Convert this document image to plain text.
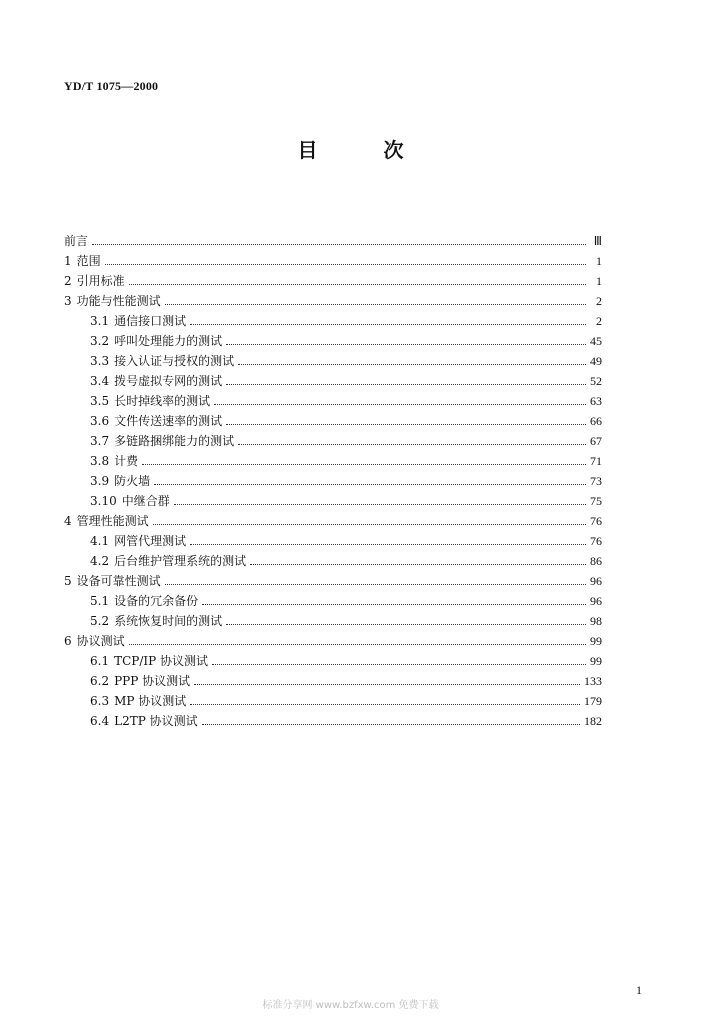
YD/T 1075—2000
目	次
前言	Ⅲ
1 范围	1
2 引用标准	1
3 功能与性能测试	2
3.1 通信接口测试	2
3.2 呼叫处理能力的测试	45
3.3 接入认证与授权的测试	49
3.4 拨号虚拟专网的测试	52
3.5 长时掉线率的测试	63
3.6 文件传送速率的测试	66
3.7 多链路捆绑能力的测试	67
3.8 计费	71
3.9 防火墙	73
3.10 中继合群	75
4 管理性能测试	76
4.1 网管代理测试	76
4.2 后台维护管理系统的测试	86
5 设备可靠性测试	96
5.1 设备的冗余备份	96
5.2 系统恢复时间的测试	98
6 协议测试	99
6.1 TCP/IP 协议测试	99
6.2 PPP 协议测试	133
6.3 MP 协议测试	179
6.4 L2TP 协议测试	182
1
标准分享网 www.bzfxw.com 免费下载
